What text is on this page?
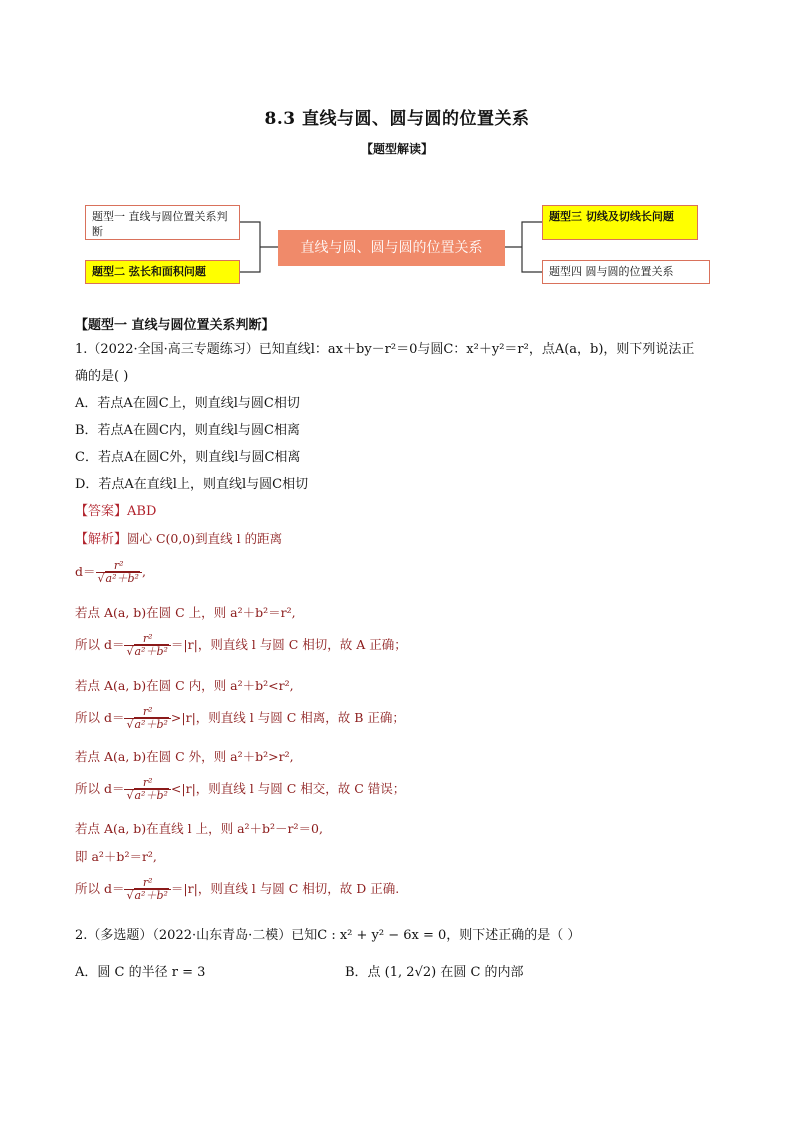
8.3 直线与圆、圆与圆的位置关系
【题型解读】
题型一 直线与圆位置关系判断
题型二 弦长和面积问题
直线与圆、圆与圆的位置关系
题型三 切线及切线长问题
题型四 圆与圆的位置关系
【题型一 直线与圆位置关系判断】
1.（2022·全国·高三专题练习）已知直线l：ax＋by－r²＝0与圆C：x²＋y²＝r²，点A(a，b)，则下列说法正
确的是( )
A．若点A在圆C上，则直线l与圆C相切
B．若点A在圆C内，则直线l与圆C相离
C．若点A在圆C外，则直线l与圆C相离
D．若点A在直线l上，则直线l与圆C相切
【答案】ABD
【解析】圆心 C(0,0)到直线 l 的距离
$d= \frac{\text{r²}}{\text{√a²＋b²}}$ ,
若点 A(a, b)在圆 C 上，则 a²＋b²＝r²,
所以 $d= \frac{\text{r²}}{\text{√a²＋b²}} =|r|$，则直线 l 与圆 C 相切，故 A 正确；
若点 A(a, b)在圆 C 内，则 a²＋b²<r²,
所以 $d= \frac{\text{r²}}{\text{√a²＋b²}} >|r|$，则直线 l 与圆 C 相离，故 B 正确；
若点 A(a, b)在圆 C 外，则 a²＋b²>r²,
所以 $d= \frac{\text{r²}}{\text{√a²＋b²}} <|r|$，则直线 l 与圆 C 相交，故 C 错误；
若点 A(a, b)在直线 l 上，则 a²＋b²－r²＝0,
即 a²＋b²＝r²,
所以 $d= \frac{\text{r²}}{\text{√a²＋b²}} =|r|$，则直线 l 与圆 C 相切，故 D 正确.
2.（多选题）（2022·山东青岛·二模）已知C : x² + y² − 6x = 0，则下述正确的是（ ）
A．圆 C 的半径 r = 3	B．点 (1, 2√2) 在圆 C 的内部
